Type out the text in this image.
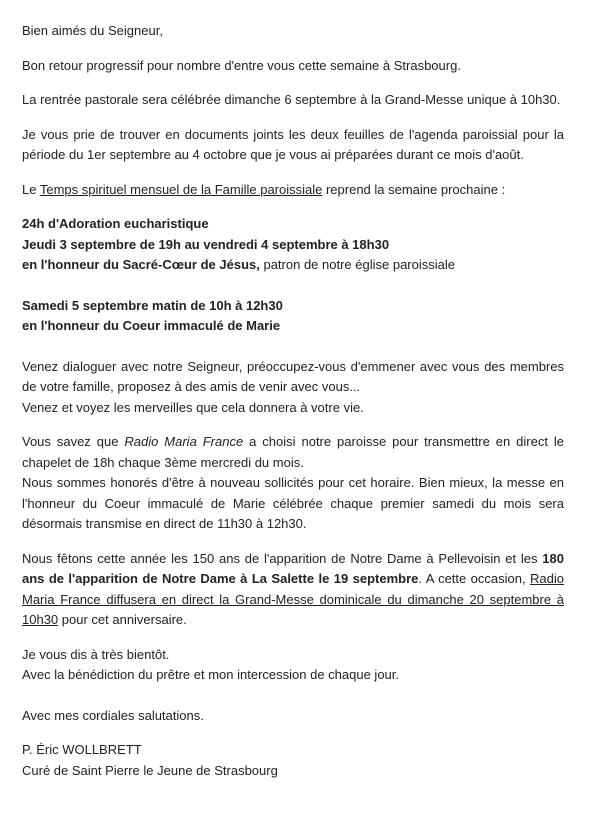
Bien aimés du Seigneur,

Bon retour progressif pour nombre d'entre vous cette semaine à Strasbourg.

La rentrée pastorale sera célébrée dimanche 6 septembre à la Grand-Messe unique à 10h30.

Je vous prie de trouver en documents joints les deux feuilles de l'agenda paroissial pour la période du 1er septembre au 4 octobre que je vous ai préparées durant ce mois d'août.

Le Temps spirituel mensuel de la Famille paroissiale reprend la semaine prochaine :

24h d'Adoration eucharistique
Jeudi 3 septembre de 19h au vendredi 4 septembre à 18h30
en l'honneur du Sacré-Cœur de Jésus, patron de notre église paroissiale
Samedi 5 septembre matin de 10h à 12h30
en l'honneur du Coeur immaculé de Marie

Venez dialoguer avec notre Seigneur, préoccupez-vous d'emmener avec vous des membres de votre famille, proposez à des amis de venir avec vous...
Venez et voyez les merveilles que cela donnera à votre vie.

Vous savez que Radio Maria France a choisi notre paroisse pour transmettre en direct le chapelet de 18h chaque 3ème mercredi du mois.
Nous sommes honorés d'être à nouveau sollicités pour cet horaire. Bien mieux, la messe en l'honneur du Coeur immaculé de Marie célébrée chaque premier samedi du mois sera désormais transmise en direct de 11h30 à 12h30.

Nous fêtons cette année les 150 ans de l'apparition de Notre Dame à Pellevoisin et les 180 ans de l'apparition de Notre Dame à La Salette le 19 septembre. A cette occasion, Radio Maria France diffusera en direct la Grand-Messe dominicale du dimanche 20 septembre à 10h30 pour cet anniversaire.

Je vous dis à très bientôt.
Avec la bénédiction du prêtre et mon intercession de chaque jour.

Avec mes cordiales salutations.

P. Éric WOLLBRETT
Curé de Saint Pierre le Jeune de Strasbourg
